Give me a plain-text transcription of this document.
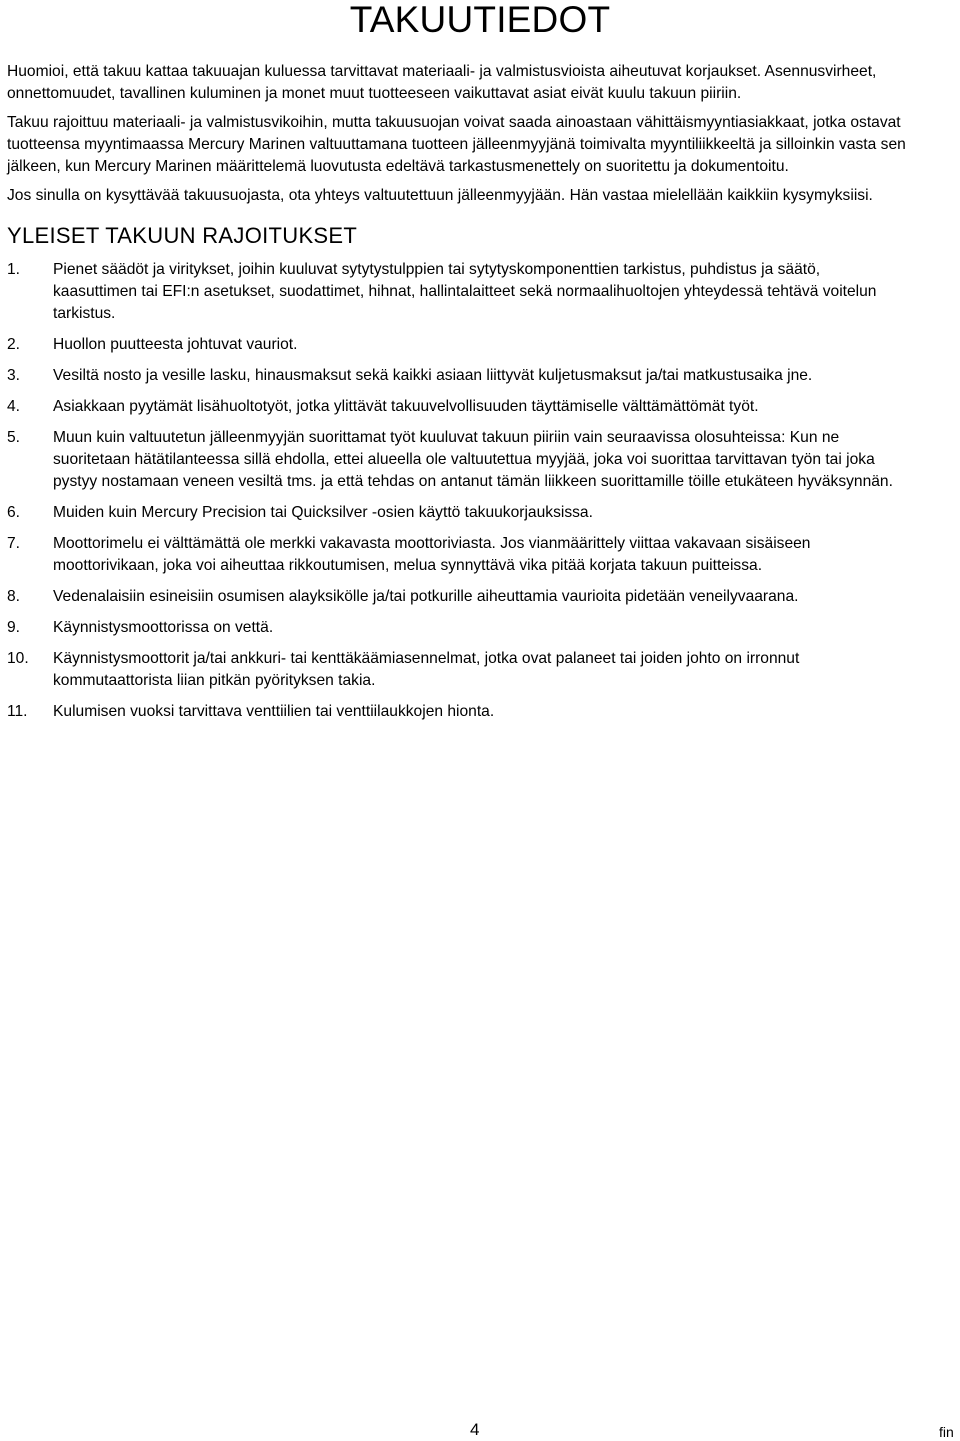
TAKUUTIEDOT

Huomioi, että takuu kattaa takuuajan kuluessa tarvittavat materiaali- ja valmistusvioista aiheutuvat korjaukset. Asennusvirheet, onnettomuudet, tavallinen kuluminen ja monet muut tuotteeseen vaikuttavat asiat eivät kuulu takuun piiriin.

Takuu rajoittuu materiaali- ja valmistusvikoihin, mutta takuusuojan voivat saada ainoastaan vähittäismyyntiasiakkaat, jotka ostavat tuotteensa myyntimaassa Mercury Marinen valtuuttamana tuotteen jälleenmyyjänä toimivalta myyntiliikkeeltä ja silloinkin vasta sen jälkeen, kun Mercury Marinen määrittelemä luovutusta edeltävä tarkastusmenettely on suoritettu ja dokumentoitu.

Jos sinulla on kysyttävää takuusuojasta, ota yhteys valtuutettuun jälleenmyyjään. Hän vastaa mielellään kaikkiin kysymyksiisi.

YLEISET TAKUUN RAJOITUKSET
1.	Pienet säädöt ja viritykset, joihin kuuluvat sytytystulppien tai sytytyskomponenttien tarkistus, puhdistus ja säätö, kaasuttimen tai EFI:n asetukset, suodattimet, hihnat, hallintalaitteet sekä normaalihuoltojen yhteydessä tehtävä voitelun tarkistus.
2.	Huollon puutteesta johtuvat vauriot.
3.	Vesiltä nosto ja vesille lasku, hinausmaksut sekä kaikki asiaan liittyvät kuljetusmaksut ja/tai matkustusaika jne.
4.	Asiakkaan pyytämät lisähuoltotyöt, jotka ylittävät takuuvelvollisuuden täyttämiselle välttämättömät työt.
5.	Muun kuin valtuutetun jälleenmyyjän suorittamat työt kuuluvat takuun piiriin vain seuraavissa olosuhteissa: Kun ne suoritetaan hätätilanteessa sillä ehdolla, ettei alueella ole valtuutettua myyjää, joka voi suorittaa tarvittavan työn tai joka pystyy nostamaan veneen vesiltä tms. ja että tehdas on antanut tämän liikkeen suorittamille töille etukäteen hyväksynnän.
6.	Muiden kuin Mercury Precision tai Quicksilver -osien käyttö takuukorjauksissa.
7.	Moottorimelu ei välttämättä ole merkki vakavasta moottoriviasta. Jos vianmäärittely viittaa vakavaan sisäiseen moottorivikaan, joka voi aiheuttaa rikkoutumisen, melua synnyttävä vika pitää korjata takuun puitteissa.
8.	Vedenalaisiin esineisiin osumisen alayksikölle ja/tai potkurille aiheuttamia vaurioita pidetään veneilyvaarana.
9.	Käynnistysmoottorissa on vettä.
10.	Käynnistysmoottorit ja/tai ankkuri- tai kenttäkäämiasennelmat, jotka ovat palaneet tai joiden johto on irronnut kommutaattorista liian pitkän pyörityksen takia.
11.	Kulumisen vuoksi tarvittava venttiilien tai venttiilaukkojen hionta.
4	fin
